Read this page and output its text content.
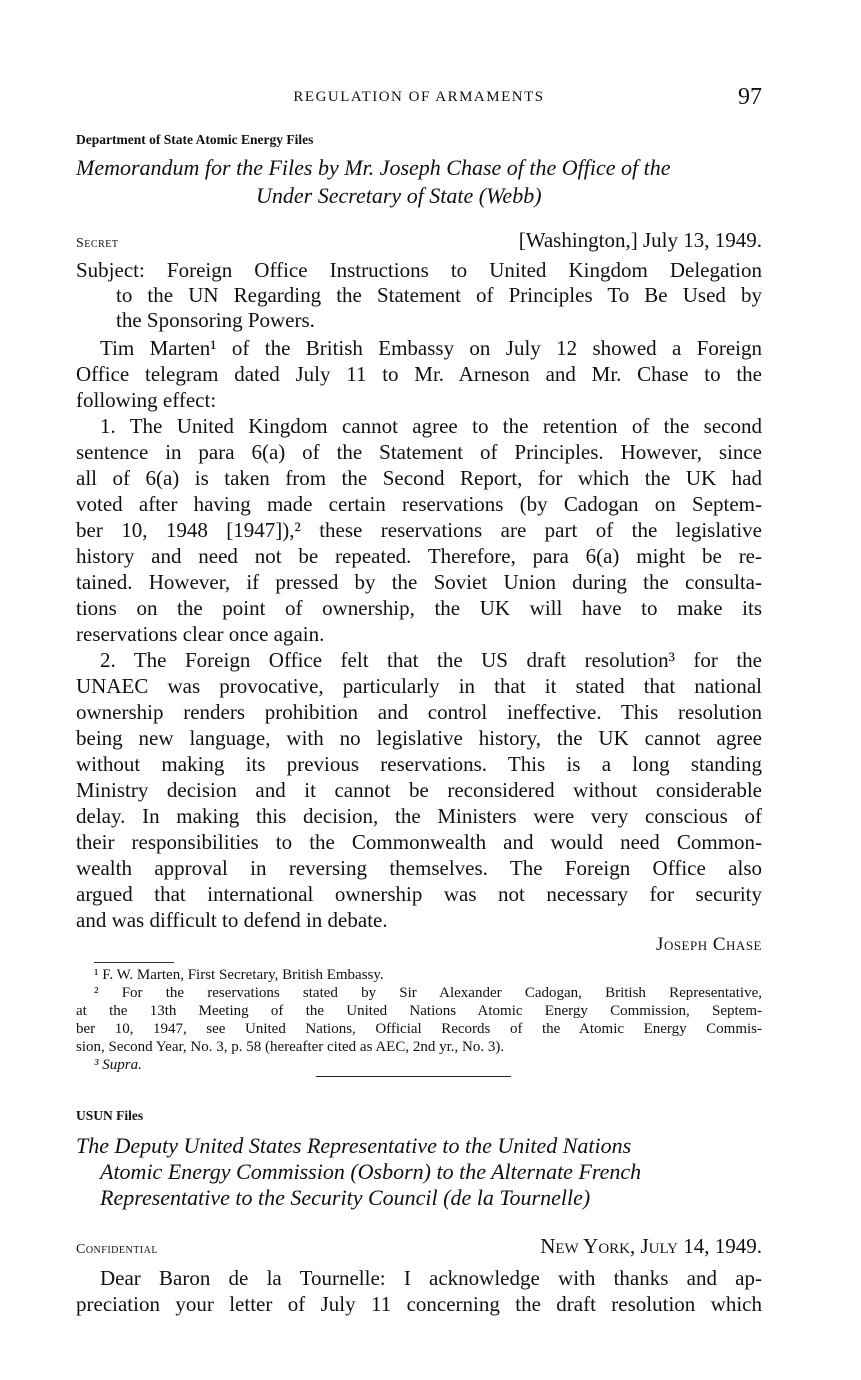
REGULATION OF ARMAMENTS	97
Department of State Atomic Energy Files
Memorandum for the Files by Mr. Joseph Chase of the Office of the
Under Secretary of State (Webb)
Secret	[Washington,] July 13, 1949.
Subject: Foreign Office Instructions to United Kingdom Delegation
to the UN Regarding the Statement of Principles To Be Used by
the Sponsoring Powers.
Tim Marten¹ of the British Embassy on July 12 showed a Foreign
Office telegram dated July 11 to Mr. Arneson and Mr. Chase to the
following effect:
1. The United Kingdom cannot agree to the retention of the second
sentence in para 6(a) of the Statement of Principles. However, since
all of 6(a) is taken from the Second Report, for which the UK had
voted after having made certain reservations (by Cadogan on Septem-
ber 10, 1948 [1947]),² these reservations are part of the legislative
history and need not be repeated. Therefore, para 6(a) might be re-
tained. However, if pressed by the Soviet Union during the consulta-
tions on the point of ownership, the UK will have to make its
reservations clear once again.
2. The Foreign Office felt that the US draft resolution³ for the
UNAEC was provocative, particularly in that it stated that national
ownership renders prohibition and control ineffective. This resolution
being new language, with no legislative history, the UK cannot agree
without making its previous reservations. This is a long standing
Ministry decision and it cannot be reconsidered without considerable
delay. In making this decision, the Ministers were very conscious of
their responsibilities to the Commonwealth and would need Common-
wealth approval in reversing themselves. The Foreign Office also
argued that international ownership was not necessary for security
and was difficult to defend in debate.
Joseph Chase
¹ F. W. Marten, First Secretary, British Embassy.
² For the reservations stated by Sir Alexander Cadogan, British Representative,
at the 13th Meeting of the United Nations Atomic Energy Commission, Septem-
ber 10, 1947, see United Nations, Official Records of the Atomic Energy Commis-
sion, Second Year, No. 3, p. 58 (hereafter cited as AEC, 2nd yr., No. 3).
³ Supra.
USUN Files
The Deputy United States Representative to the United Nations
Atomic Energy Commission (Osborn) to the Alternate French
Representative to the Security Council (de la Tournelle)
Confidential	New York, July 14, 1949.
Dear Baron de la Tournelle: I acknowledge with thanks and ap-
preciation your letter of July 11 concerning the draft resolution which
